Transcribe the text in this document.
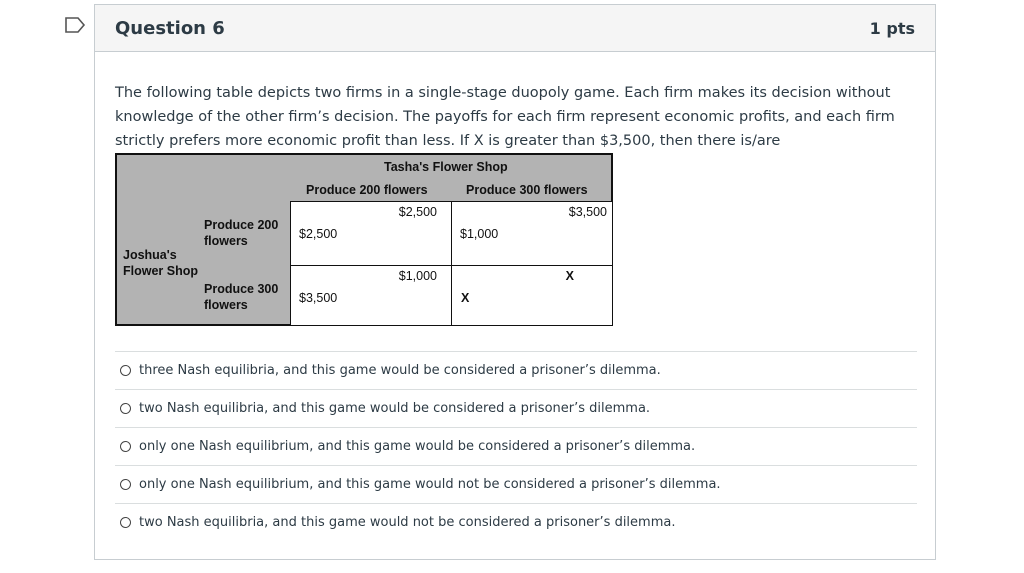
Question 6	1 pts
The following table depicts two firms in a single-stage duopoly game. Each firm makes its decision without knowledge of the other firm’s decision. The payoffs for each firm represent economic profits, and each firm strictly prefers more economic profit than less. If X is greater than $3,500, then there is/are
Tasha's Flower Shop
Produce 200 flowers	Produce 300 flowers
Joshua's
Flower Shop
Produce 200
flowers
Produce 300
flowers
$2,500
$2,500
$3,500
$1,000
$1,000
$3,500
X
X
three Nash equilibria, and this game would be considered a prisoner’s dilemma.
two Nash equilibria, and this game would be considered a prisoner’s dilemma.
only one Nash equilibrium, and this game would be considered a prisoner’s dilemma.
only one Nash equilibrium, and this game would not be considered a prisoner’s dilemma.
two Nash equilibria, and this game would not be considered a prisoner’s dilemma.
